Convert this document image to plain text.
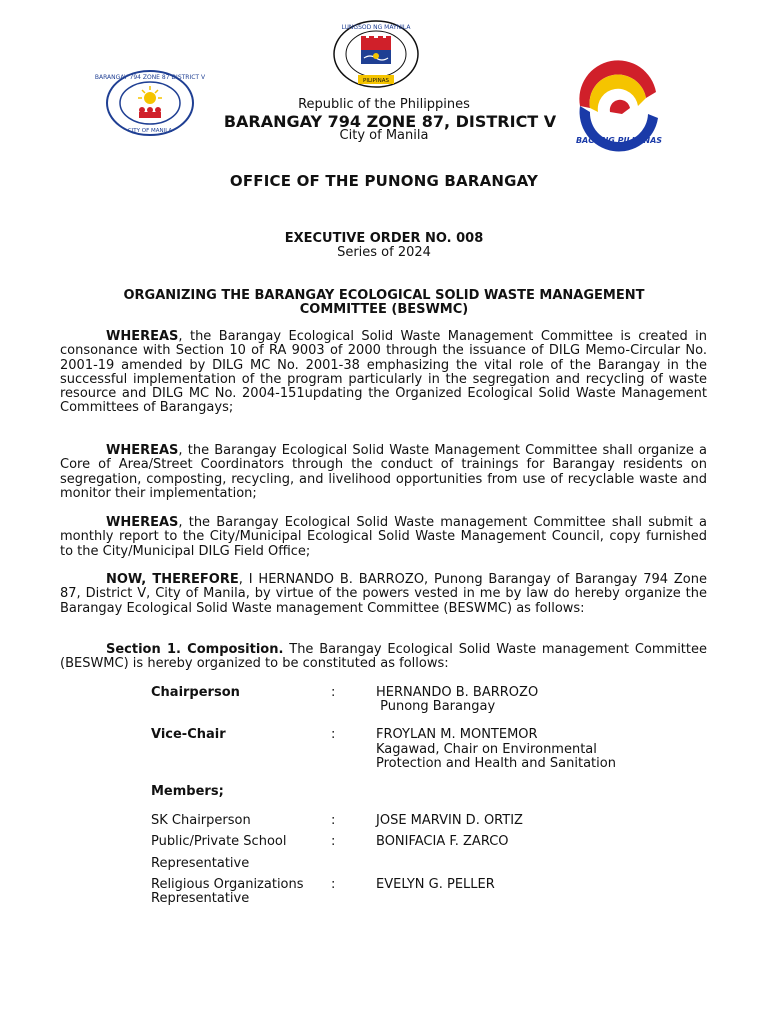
BARANGAY 794 ZONE 87 DISTRICT V
CITY OF MANILA
LUNGSOD NG MAYNILA
PILIPINAS
BAGONG PILIPINAS
Republic of the Philippines
BARANGAY 794 ZONE 87, DISTRICT V
City of Manila
OFFICE OF THE PUNONG BARANGAY
EXECUTIVE ORDER NO. 008
Series of 2024
ORGANIZING THE BARANGAY ECOLOGICAL SOLID WASTE MANAGEMENT
COMMITTEE (BESWMC)

WHEREAS, the Barangay Ecological Solid Waste Management Committee is created in consonance with Section 10 of RA 9003 of 2000 through the issuance of DILG Memo-Circular No. 2001-19 amended by DILG MC No. 2001-38 emphasizing the vital role of the Barangay in the successful implementation of the program particularly in the segregation and recycling of waste resource and DILG MC No. 2004-151updating the Organized Ecological Solid Waste Management Committees of Barangays;

WHEREAS, the Barangay Ecological Solid Waste Management Committee shall organize a Core of Area/Street Coordinators through the conduct of trainings for Barangay residents on segregation, composting, recycling, and livelihood opportunities from use of recyclable waste and monitor their implementation;

WHEREAS, the Barangay Ecological Solid Waste management Committee shall submit a monthly report to the City/Municipal Ecological Solid Waste Management Council, copy furnished to the City/Municipal DILG Field Office;

NOW, THEREFORE, I HERNANDO B. BARROZO, Punong Barangay of Barangay 794 Zone 87, District V, City of Manila, by virtue of the powers vested in me by law do hereby organize the Barangay Ecological Solid Waste management Committee (BESWMC) as follows:

Section 1. Composition. The Barangay Ecological Solid Waste management Committee (BESWMC) is hereby organized to be constituted as follows:

Chairperson	:	HERNANDO B. BARROZO
Punong Barangay
Vice-Chair	:	FROYLAN M. MONTEMOR
Kagawad, Chair on Environmental
Protection and Health and Sanitation
Members;
SK Chairperson	:	JOSE MARVIN D. ORTIZ
Public/Private School	:	BONIFACIA F. ZARCO
Representative
Religious Organizations :	EVELYN G. PELLER
Representative
